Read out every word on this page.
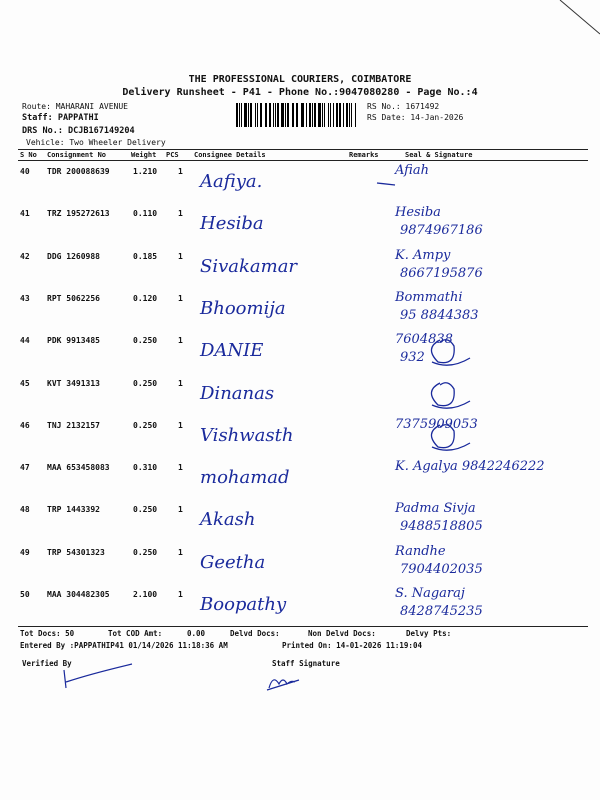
THE PROFESSIONAL COURIERS, COIMBATORE
Delivery Runsheet - P41 - Phone No.:9047080280 - Page No.:4
Route: MAHARANI AVENUE
Staff: PAPPATHI
DRS No.: DCJB167149204
Vehicle: Two Wheeler Delivery
RS No.: 1671492
RS Date: 14-Jan-2026
S No Consignment No	Weight PCS Consignee Details	Remarks	Seal & Signature
40 TDR 200088639	1.210	1 Aafiya.
Afiah
41 TRZ 195272613	0.110	1 Hesiba
Hesiba
9874967186
42 DDG 1260988	0.185	1 Sivakamar
K. Ampy
8667195876
43 RPT 5062256	0.120	1 Bhoomija
Bommathi
95 8844383
44 PDK 9913485	0.250	1 DANIE
7604838
932
45 KVT 3491313	0.250	1 Dinanas
46 TNJ 2132157	0.250	1 Vishwasth
7375909053
47 MAA 653458083	0.310	1 mohamad
K. Agalya 9842246222
48 TRP 1443392	0.250	1 Akash
Padma Sivja
9488518805
49 TRP 54301323	0.250	1 Geetha
Randhe
7904402035
50 MAA 304482305	2.100	1 Boopathy
S. Nagaraj
8428745235
Tot Docs: 50	Tot COD Amt:	0.00	Delvd Docs:	Non Delvd Docs:	Delvy Pts:
Entered By :PAPPATHIP41 01/14/2026 11:18:36 AM	Printed On: 14-01-2026 11:19:04
Verified By	Staff Signature
